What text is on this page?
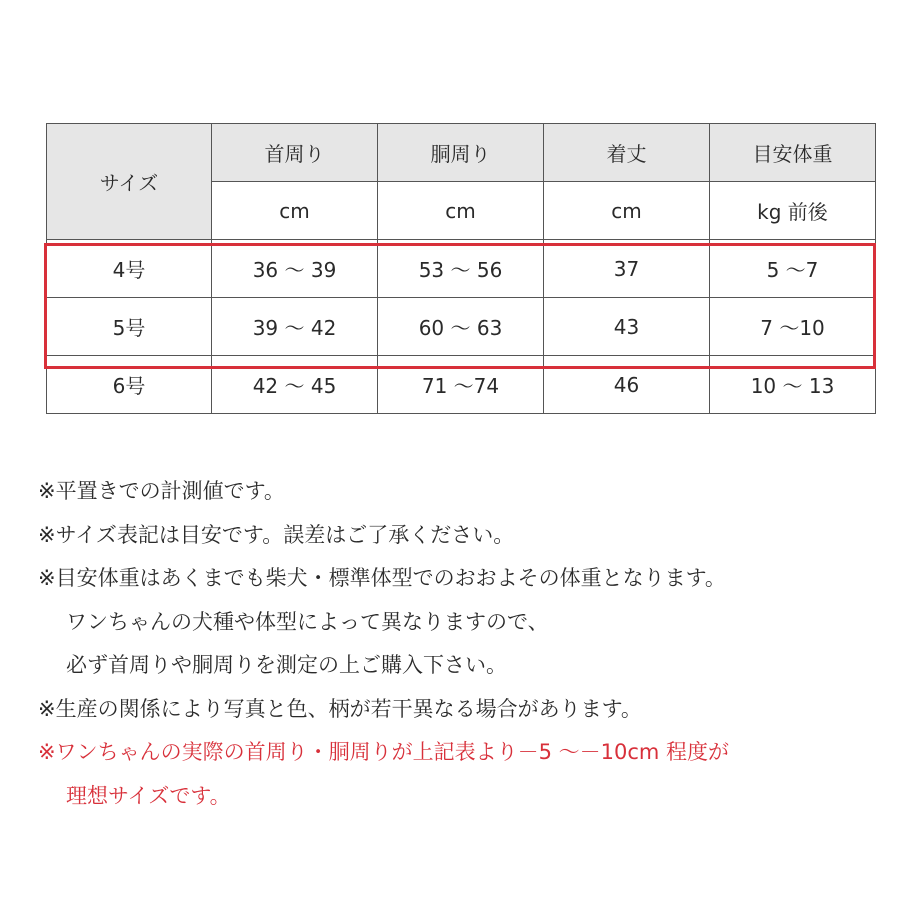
サイズ	首周り	胴周り	着丈	目安体重
	cm	cm	cm	kg 前後
4号	36 〜 39	53 〜 56	37	5 〜7
5号	39 〜 42	60 〜 63	43	7 〜10
6号	42 〜 45	71 〜74	46	10 〜 13
※平置きでの計測値です。
※サイズ表記は目安です。誤差はご了承ください。
※目安体重はあくまでも柴犬・標準体型でのおおよその体重となります。
ワンちゃんの犬種や体型によって異なりますので、
必ず首周りや胴周りを測定の上ご購入下さい。
※生産の関係により写真と色、柄が若干異なる場合があります。
※ワンちゃんの実際の首周り・胴周りが上記表より－5 〜－10cm 程度が
理想サイズです。
